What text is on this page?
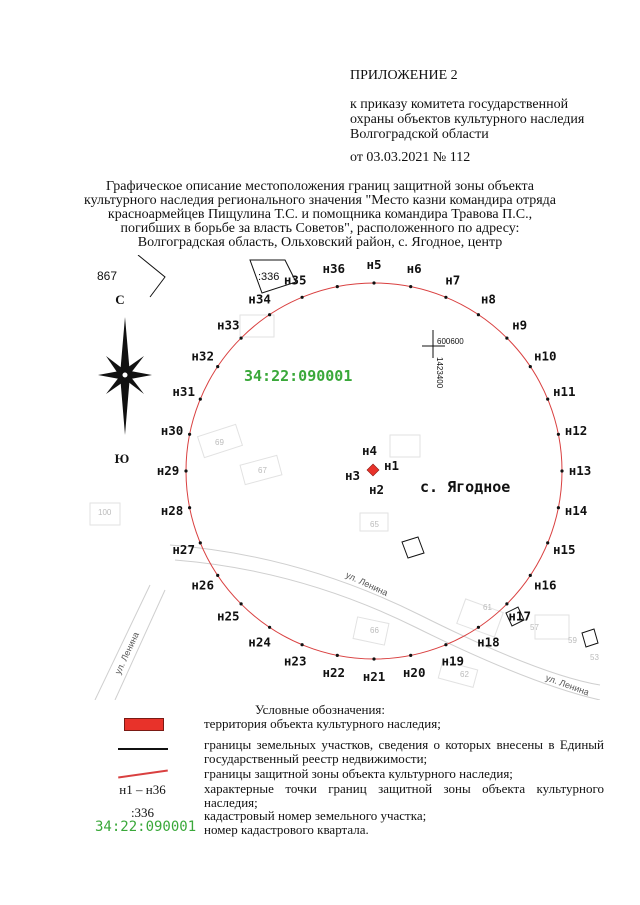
ПРИЛОЖЕНИЕ 2
к приказу комитета государственной
охраны объектов культурного наследия
Волгоградской области
от 03.03.2021 № 112
Графическое описание местоположения границ защитной зоны объекта
культурного наследия регионального значения "Место казни командира отряда
красноармейцев Пищулина Т.С. и помощника командира Травова П.С.,
погибших в борьбе за власть Советов", расположенного по адресу:
Волгоградская область, Ольховский район, с. Ягодное, центр
69
67
100
65
66
61
57
59
53
62
ул. Ленина
ул. Ленина
ул. Ленина
867	:336
С
Ю
600600
1423400
34:22:090001
с. Ягодное
н1
н2
н3
н4
н5 н6
н7
н8
н9
н10
н11
н12
н13
н14
н15
н16
н17
н18
н19
н20
н21
н22
н23
н24
н25
н26
н27
н28
н29
н30
н31
н32
н33
н34
н35
н36
Условные обозначения:
территория объекта культурного наследия;
границы земельных участков, сведения о которых внесены в Единый государственный реестр недвижимости;
границы защитной зоны объекта культурного наследия;
н1 – н36	характерные точки границ защитной зоны объекта культурного наследия;
:336	кадастровый номер земельного участка;
34:22:090001 номер кадастрового квартала.
